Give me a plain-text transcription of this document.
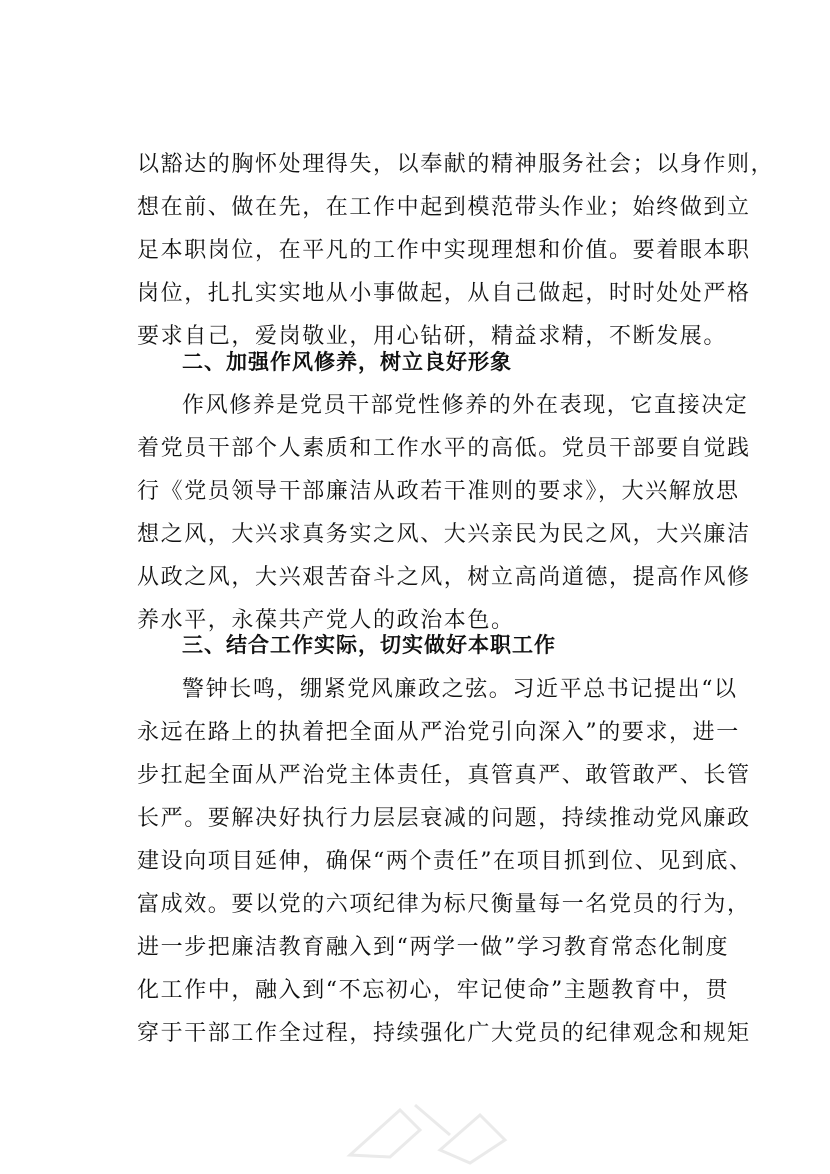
以豁达的胸怀处理得失，以奉献的精神服务社会；以身作则，
想在前、做在先，在工作中起到模范带头作业；始终做到立
足本职岗位，在平凡的工作中实现理想和价值。要着眼本职
岗位，扎扎实实地从小事做起，从自己做起，时时处处严格
要求自己，爱岗敬业，用心钻研，精益求精，不断发展。
二、加强作风修养，树立良好形象
作风修养是党员干部党性修养的外在表现，它直接决定
着党员干部个人素质和工作水平的高低。党员干部要自觉践
行《党员领导干部廉洁从政若干准则的要求》，大兴解放思
想之风，大兴求真务实之风、大兴亲民为民之风，大兴廉洁
从政之风，大兴艰苦奋斗之风，树立高尚道德，提高作风修
养水平，永葆共产党人的政治本色。
三、结合工作实际，切实做好本职工作
警钟长鸣，绷紧党风廉政之弦。习近平总书记提出“以
永远在路上的执着把全面从严治党引向深入”的要求，进一
步扛起全面从严治党主体责任，真管真严、敢管敢严、长管
长严。要解决好执行力层层衰减的问题，持续推动党风廉政
建设向项目延伸，确保“两个责任”在项目抓到位、见到底、
富成效。要以党的六项纪律为标尺衡量每一名党员的行为，
进一步把廉洁教育融入到“两学一做”学习教育常态化制度
化工作中，融入到“不忘初心，牢记使命”主题教育中，贯
穿于干部工作全过程，持续强化广大党员的纪律观念和规矩
